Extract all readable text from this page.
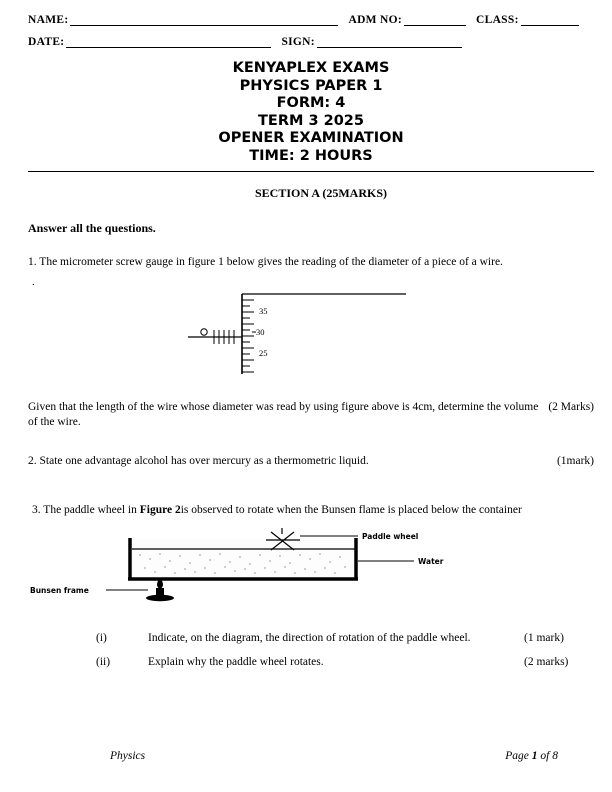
NAME:	ADM NO:	CLASS:
DATE:	SIGN:
KENYAPLEX EXAMS
PHYSICS PAPER 1
FORM: 4
TERM 3 2025
OPENER EXAMINATION
TIME: 2 HOURS
SECTION A (25MARKS)
Answer all the questions.
1. The micrometer screw gauge in figure 1 below gives the reading of the diameter of a piece of a wire.
.
35
30
25
(2 Marks)
Given that the length of the wire whose diameter was read by using figure above is 4cm, determine the volume of the wire.
(1mark)
2. State one advantage alcohol has over mercury as a thermometric liquid.
3. The paddle wheel in Figure 2is observed to rotate when the Bunsen flame is placed below the container
Paddle wheel
Water
Bunsen frame
(i)	Indicate, on the diagram, the direction of rotation of the paddle wheel.	(1 mark)
(ii)	Explain why the paddle wheel rotates.	(2 marks)
Physics	Page 1 of 8
